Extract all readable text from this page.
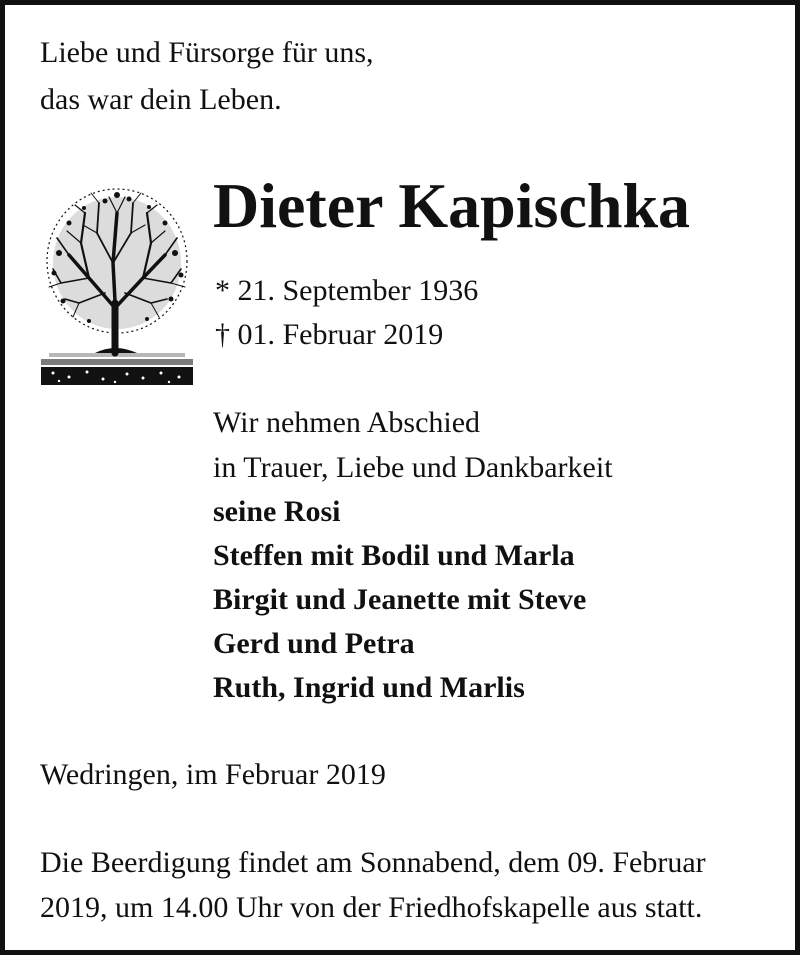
Liebe und Fürsorge für uns,
das war dein Leben.
Dieter Kapischka
* 21. September 1936
† 01. Februar 2019
Wir nehmen Abschied
in Trauer, Liebe und Dankbarkeit
seine Rosi
Steffen mit Bodil und Marla
Birgit und Jeanette mit Steve
Gerd und Petra
Ruth, Ingrid und Marlis
Wedringen, im Februar 2019
Die Beerdigung findet am Sonnabend, dem 09. Februar
2019, um 14.00 Uhr von der Friedhofskapelle aus statt.
